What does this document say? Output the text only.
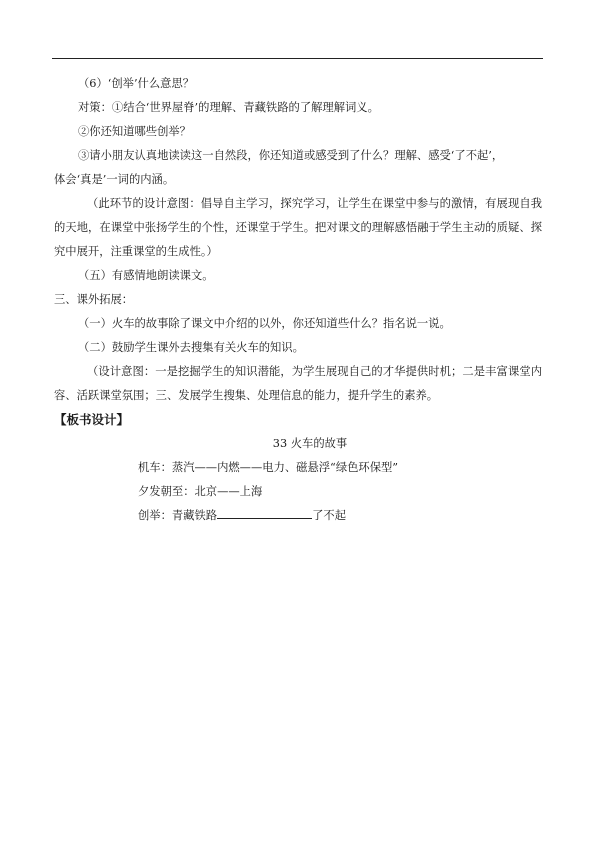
（6）‘创举’什么意思？

对策：①结合‘世界屋脊’的理解、青藏铁路的了解理解词义。

②你还知道哪些创举？

③请小朋友认真地读读这一自然段，你还知道或感受到了什么？理解、感受‘了不起’，

体会‘真是’一词的内涵。

（此环节的设计意图：倡导自主学习，探究学习，让学生在课堂中参与的激情，有展现自我的天地，在课堂中张扬学生的个性，还课堂于学生。把对课文的理解感悟融于学生主动的质疑、探究中展开，注重课堂的生成性。）

（五）有感情地朗读课文。

三、课外拓展：

（一）火车的故事除了课文中介绍的以外，你还知道些什么？指名说一说。

（二）鼓励学生课外去搜集有关火车的知识。

（设计意图：一是挖掘学生的知识潜能，为学生展现自己的才华提供时机；二是丰富课堂内容、活跃课堂氛围；三、发展学生搜集、处理信息的能力，提升学生的素养。

【板书设计】

33 火车的故事

机车：蒸汽——内燃——电力、磁悬浮“绿色环保型”

夕发朝至：北京——上海

创举：青藏铁路	了不起
